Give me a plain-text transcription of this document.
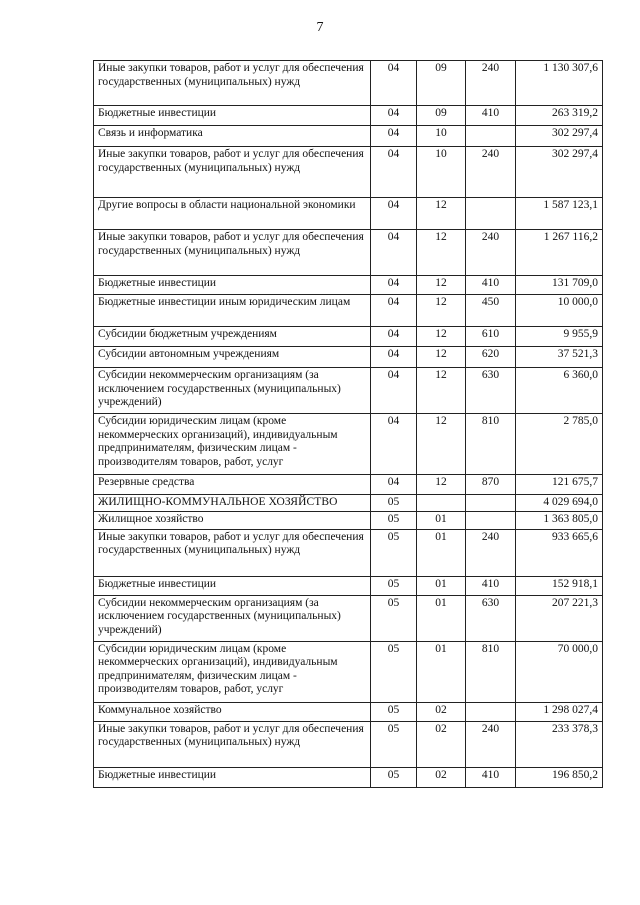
7
Иные закупки товаров, работ и услуг для обеспечения государственных (муниципальных) нужд	04	09	240	1 130 307,6
Бюджетные инвестиции	04	09	410	263 319,2
Связь и информатика	04	10		302 297,4
Иные закупки товаров, работ и услуг для обеспечения государственных (муниципальных) нужд	04	10	240	302 297,4
Другие вопросы в области национальной экономики	04	12		1 587 123,1
Иные закупки товаров, работ и услуг для обеспечения государственных (муниципальных) нужд	04	12	240	1 267 116,2
Бюджетные инвестиции	04	12	410	131 709,0
Бюджетные инвестиции иным юридическим лицам	04	12	450	10 000,0
Субсидии бюджетным учреждениям	04	12	610	9 955,9
Субсидии автономным учреждениям	04	12	620	37 521,3
Субсидии некоммерческим организациям (за исключением государственных (муниципальных) учреждений)	04	12	630	6 360,0
Субсидии юридическим лицам (кроме некоммерческих организаций), индивидуальным предпринимателям, физическим лицам - производителям товаров, работ, услуг	04	12	810	2 785,0
Резервные средства	04	12	870	121 675,7
ЖИЛИЩНО-КОММУНАЛЬНОЕ ХОЗЯЙСТВО	05			4 029 694,0
Жилищное хозяйство	05	01		1 363 805,0
Иные закупки товаров, работ и услуг для обеспечения государственных (муниципальных) нужд	05	01	240	933 665,6
Бюджетные инвестиции	05	01	410	152 918,1
Субсидии некоммерческим организациям (за исключением государственных (муниципальных) учреждений)	05	01	630	207 221,3
Субсидии юридическим лицам (кроме некоммерческих организаций), индивидуальным предпринимателям, физическим лицам - производителям товаров, работ, услуг	05	01	810	70 000,0
Коммунальное хозяйство	05	02		1 298 027,4
Иные закупки товаров, работ и услуг для обеспечения государственных (муниципальных) нужд	05	02	240	233 378,3
Бюджетные инвестиции	05	02	410	196 850,2
